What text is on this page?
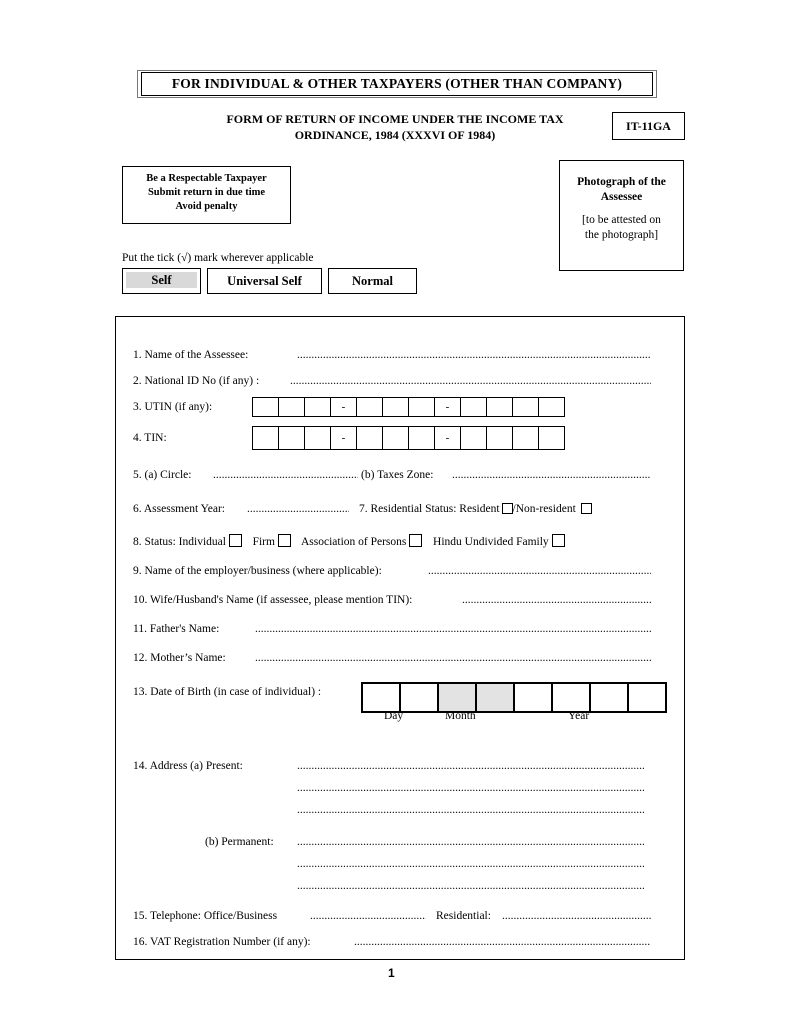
FOR INDIVIDUAL & OTHER TAXPAYERS (OTHER THAN COMPANY)
FORM OF RETURN OF INCOME UNDER THE INCOME TAX
ORDINANCE, 1984 (XXXVI OF 1984)
IT-11GA
Be a Respectable Taxpayer
Submit return in due time
Avoid penalty
Photograph of the
Assessee
[to be attested on
the photograph]
Put the tick (√) mark wherever applicable
Self	Universal Self	Normal
1. Name of the Assessee:
.....
2. National ID No (if any) :
.....
3. UTIN (if any):	-	-
4. TIN:	-	-
5. (a) Circle: .....	(b) Taxes Zone:
.....
6. Assessment Year: .....	7. Residential Status: Resident /Non-resident
8. Status: Individual Firm Association of Persons Hindu Undivided Family
9. Name of the employer/business (where applicable):
.....
10. Wife/Husband's Name (if assessee, please mention TIN):
.....
11. Father's Name:
.....
12. Mother’s Name:
.....
13. Date of Birth (in case of individual) :
Day	Month	Year
14. Address (a) Present:
.....
.....
.....
(b) Permanent:
.....
.....
.....
15. Telephone: Office/Business .....	Residential:
.....
16. VAT Registration Number (if any):
.....
1
